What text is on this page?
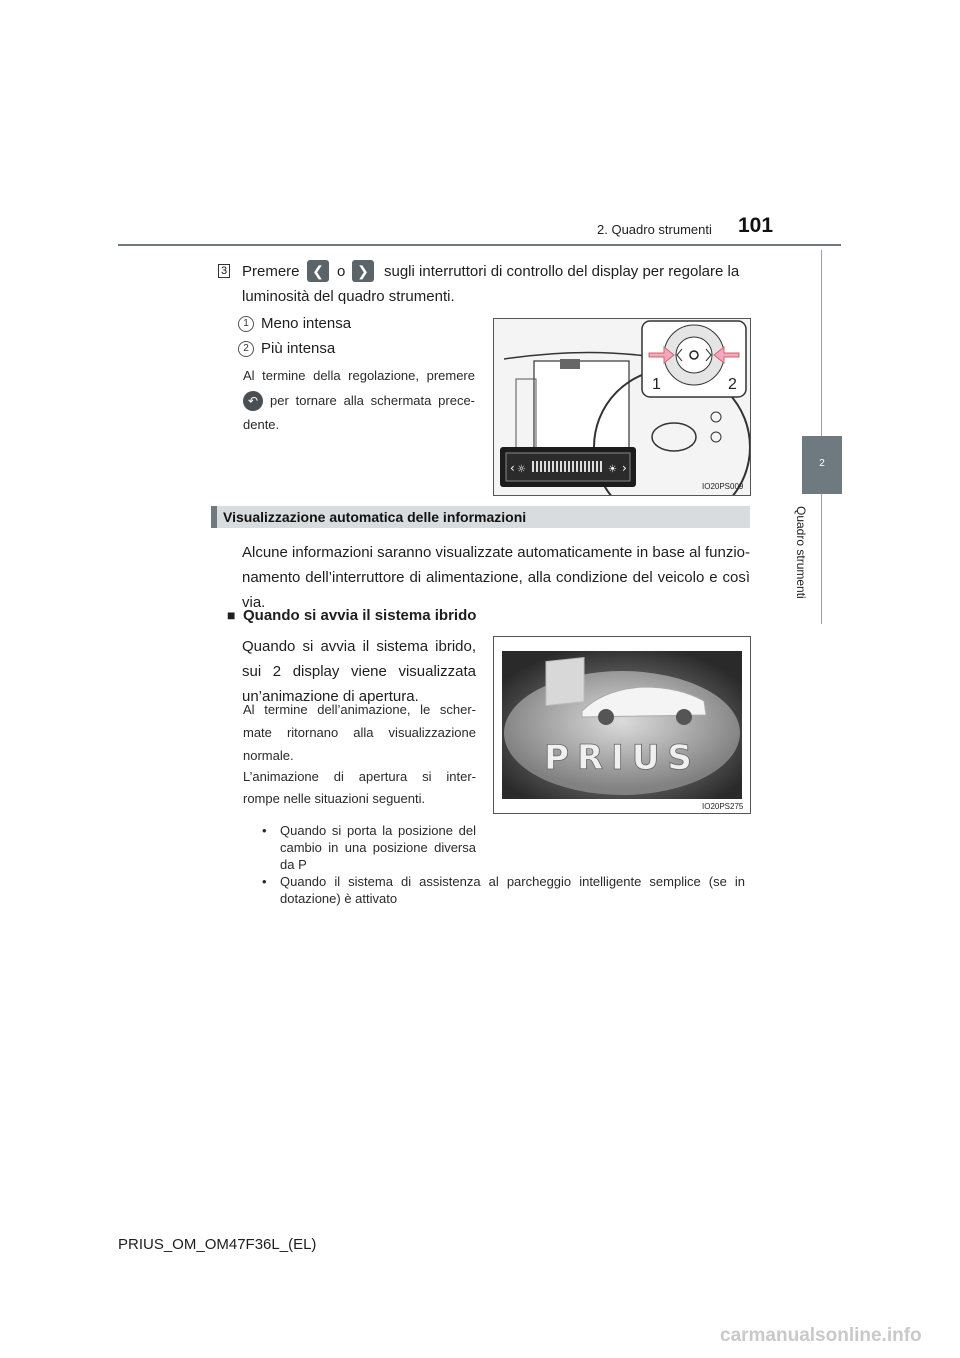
2. Quadro strumenti 101
2
Quadro strumenti
3 Premere ❮ o ❯	sugli interruttori di controllo del display per regolare la
luminosità del quadro strumenti.
1 Meno intensa
2 Più intensa
Al termine della regolazione, premere
↶ per tornare alla schermata prece-
dente.
1	2
‹ ☼	☀ ›
IO20PS009
Visualizzazione automatica delle informazioni
Alcune informazioni saranno visualizzate automaticamente in base al funzio-
namento dell’interruttore di alimentazione, alla condizione del veicolo e così
via.
■ Quando si avvia il sistema ibrido
Quando si avvia il sistema ibrido,
sui 2 display viene visualizzata
un’animazione di apertura.
Al termine dell’animazione, le scher-
mate ritornano alla visualizzazione
normale.
L’animazione di apertura si inter-
rompe nelle situazioni seguenti.
• Quando si porta la posizione del
cambio in una posizione diversa
da P
• Quando il sistema di assistenza al parcheggio intelligente semplice (se in
dotazione) è attivato
PRIUS
IO20PS275
PRIUS_OM_OM47F36L_(EL)
carmanualsonline.info
